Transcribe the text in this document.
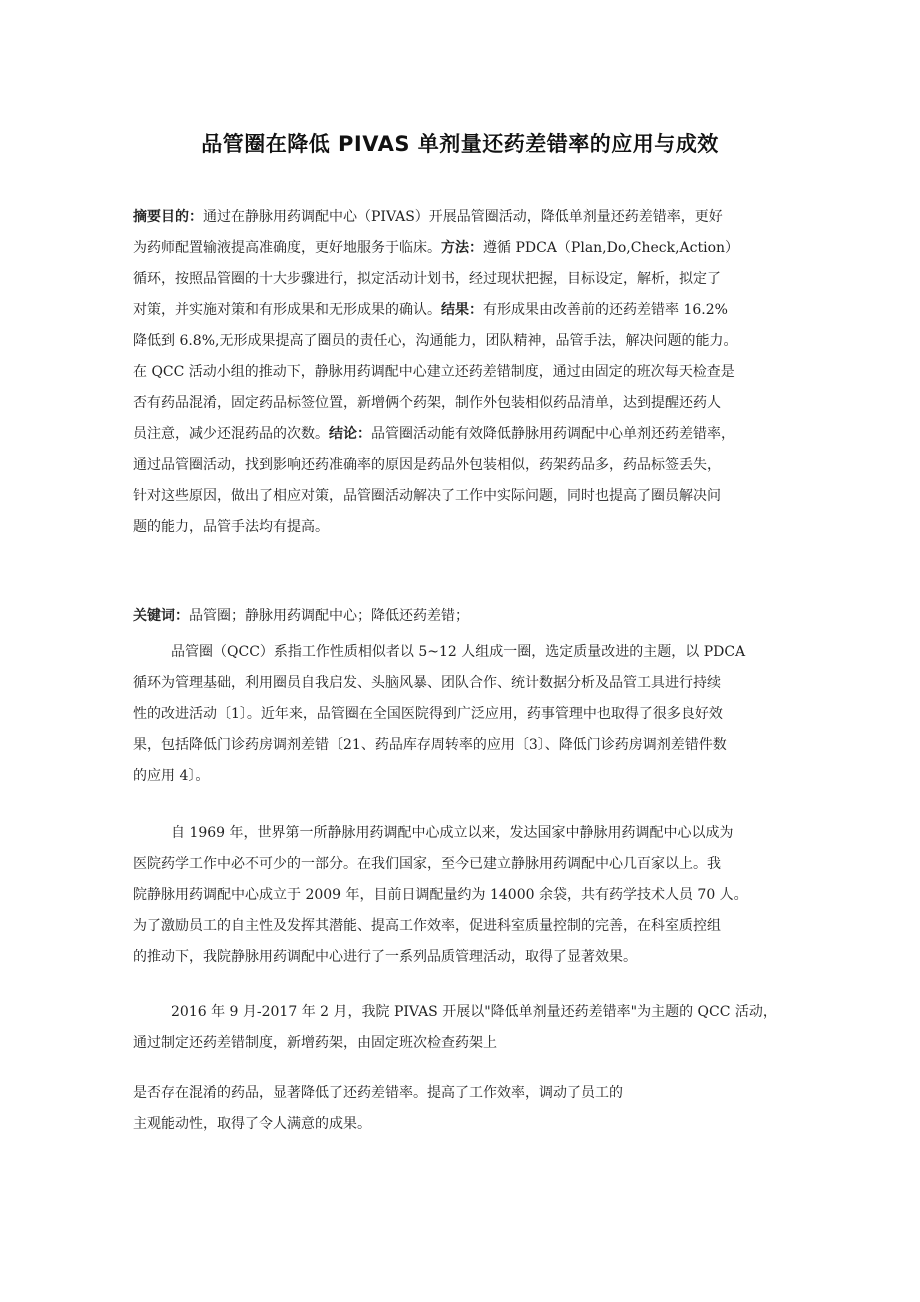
品管圈在降低 PIVAS 单剂量还药差错率的应用与成效
摘要目的：通过在静脉用药调配中心（PIVAS）开展品管圈活动，降低单剂量还药差错率，更好
为药师配置输液提高准确度，更好地服务于临床。方法：遵循 PDCA（Plan,Do,Check,Action）
循环，按照品管圈的十大步骤进行，拟定活动计划书，经过现状把握，目标设定，解析，拟定了
对策，并实施对策和有形成果和无形成果的确认。结果：有形成果由改善前的还药差错率 16.2%
降低到 6.8%,无形成果提高了圈员的责任心，沟通能力，团队精神，品管手法，解决问题的能力。
在 QCC 活动小组的推动下，静脉用药调配中心建立还药差错制度，通过由固定的班次每天检查是
否有药品混淆，固定药品标签位置，新增俩个药架，制作外包装相似药品清单，达到提醒还药人
员注意，减少还混药品的次数。结论：品管圈活动能有效降低静脉用药调配中心单剂还药差错率，
通过品管圈活动，找到影响还药准确率的原因是药品外包装相似，药架药品多，药品标签丢失，
针对这些原因，做出了相应对策，品管圈活动解决了工作中实际问题，同时也提高了圈员解决问
题的能力，品管手法均有提高。
关键词：品管圈；静脉用药调配中心；降低还药差错；
品管圈（QCC）系指工作性质相似者以 5~12 人组成一圈，选定质量改进的主题，以 PDCA
循环为管理基础，利用圈员自我启发、头脑风暴、团队合作、统计数据分析及品管工具进行持续
性的改进活动〔1〕。近年来，品管圈在全国医院得到广泛应用，药事管理中也取得了很多良好效
果，包括降低门诊药房调剂差错〔21、药品库存周转率的应用〔3〕、降低门诊药房调剂差错件数
的应用 4〕。
自 1969 年，世界第一所静脉用药调配中心成立以来，发达国家中静脉用药调配中心以成为
医院药学工作中必不可少的一部分。在我们国家，至今已建立静脉用药调配中心几百家以上。我
院静脉用药调配中心成立于 2009 年，目前日调配量约为 14000 余袋，共有药学技术人员 70 人。
为了激励员工的自主性及发挥其潜能、提高工作效率，促进科室质量控制的完善，在科室质控组
的推动下，我院静脉用药调配中心进行了一系列品质管理活动，取得了显著效果。
2016 年 9 月-2017 年 2 月，我院 PIVAS 开展以"降低单剂量还药差错率"为主题的 QCC 活动，
通过制定还药差错制度，新增药架，由固定班次检查药架上
是否存在混淆的药品，显著降低了还药差错率。提高了工作效率，调动了员工的
主观能动性，取得了令人满意的成果。
